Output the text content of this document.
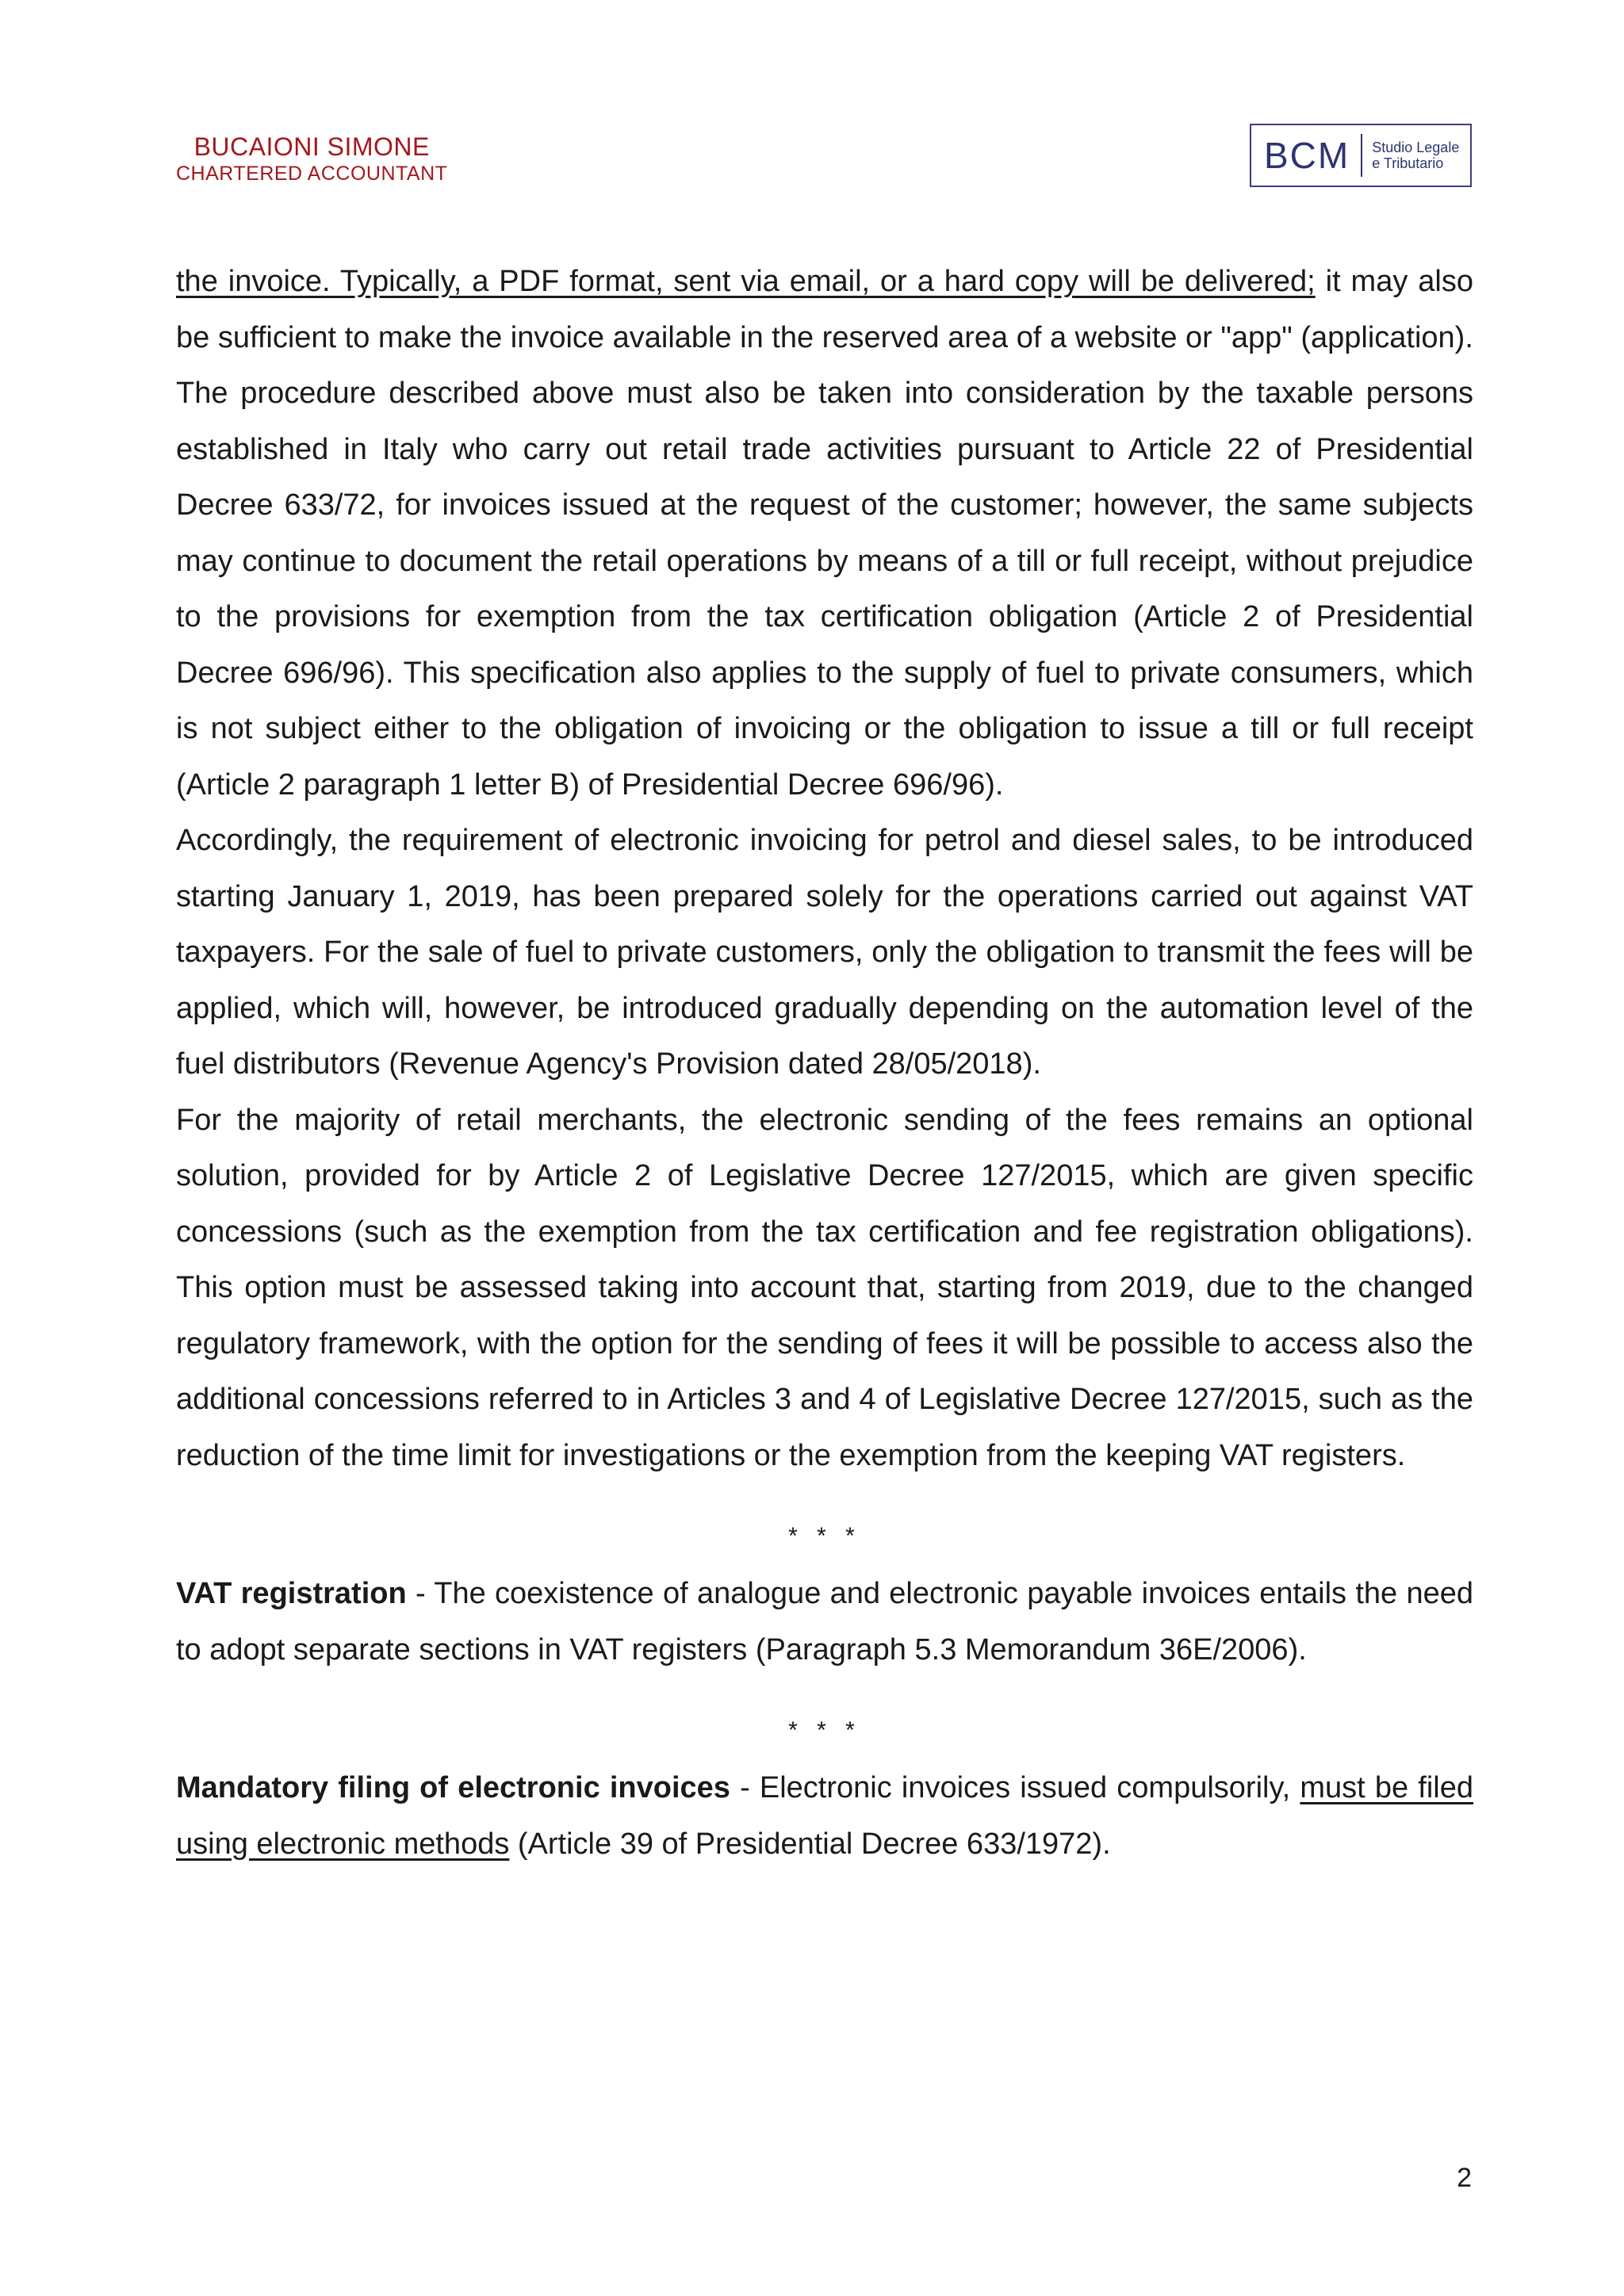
BUCAIONI SIMONE
CHARTERED ACCOUNTANT	BCM	Studio Legale
e Tributario

the invoice. Typically, a PDF format, sent via email, or a hard copy will be delivered; it may also be sufficient to make the invoice available in the reserved area of a website or "app" (application).

The procedure described above must also be taken into consideration by the taxable persons established in Italy who carry out retail trade activities pursuant to Article 22 of Presidential Decree 633/72, for invoices issued at the request of the customer; however, the same subjects may continue to document the retail operations by means of a till or full receipt, without prejudice to the provisions for exemption from the tax certification obligation (Article 2 of Presidential Decree 696/96). This specification also applies to the supply of fuel to private consumers, which is not subject either to the obligation of invoicing or the obligation to issue a till or full receipt (Article 2 paragraph 1 letter B) of Presidential Decree 696/96).

Accordingly, the requirement of electronic invoicing for petrol and diesel sales, to be introduced starting January 1, 2019, has been prepared solely for the operations carried out against VAT taxpayers. For the sale of fuel to private customers, only the obligation to transmit the fees will be applied, which will, however, be introduced gradually depending on the automation level of the fuel distributors (Revenue Agency's Provision dated 28/05/2018).

For the majority of retail merchants, the electronic sending of the fees remains an optional solution, provided for by Article 2 of Legislative Decree 127/2015, which are given specific concessions (such as the exemption from the tax certification and fee registration obligations). This option must be assessed taking into account that, starting from 2019, due to the changed regulatory framework, with the option for the sending of fees it will be possible to access also the additional concessions referred to in Articles 3 and 4 of Legislative Decree 127/2015, such as the reduction of the time limit for investigations or the exemption from the keeping VAT registers.

* * *

VAT registration - The coexistence of analogue and electronic payable invoices entails the need to adopt separate sections in VAT registers (Paragraph 5.3 Memorandum 36E/2006).

* * *

Mandatory filing of electronic invoices - Electronic invoices issued compulsorily, must be filed using electronic methods (Article 39 of Presidential Decree 633/1972).

2
